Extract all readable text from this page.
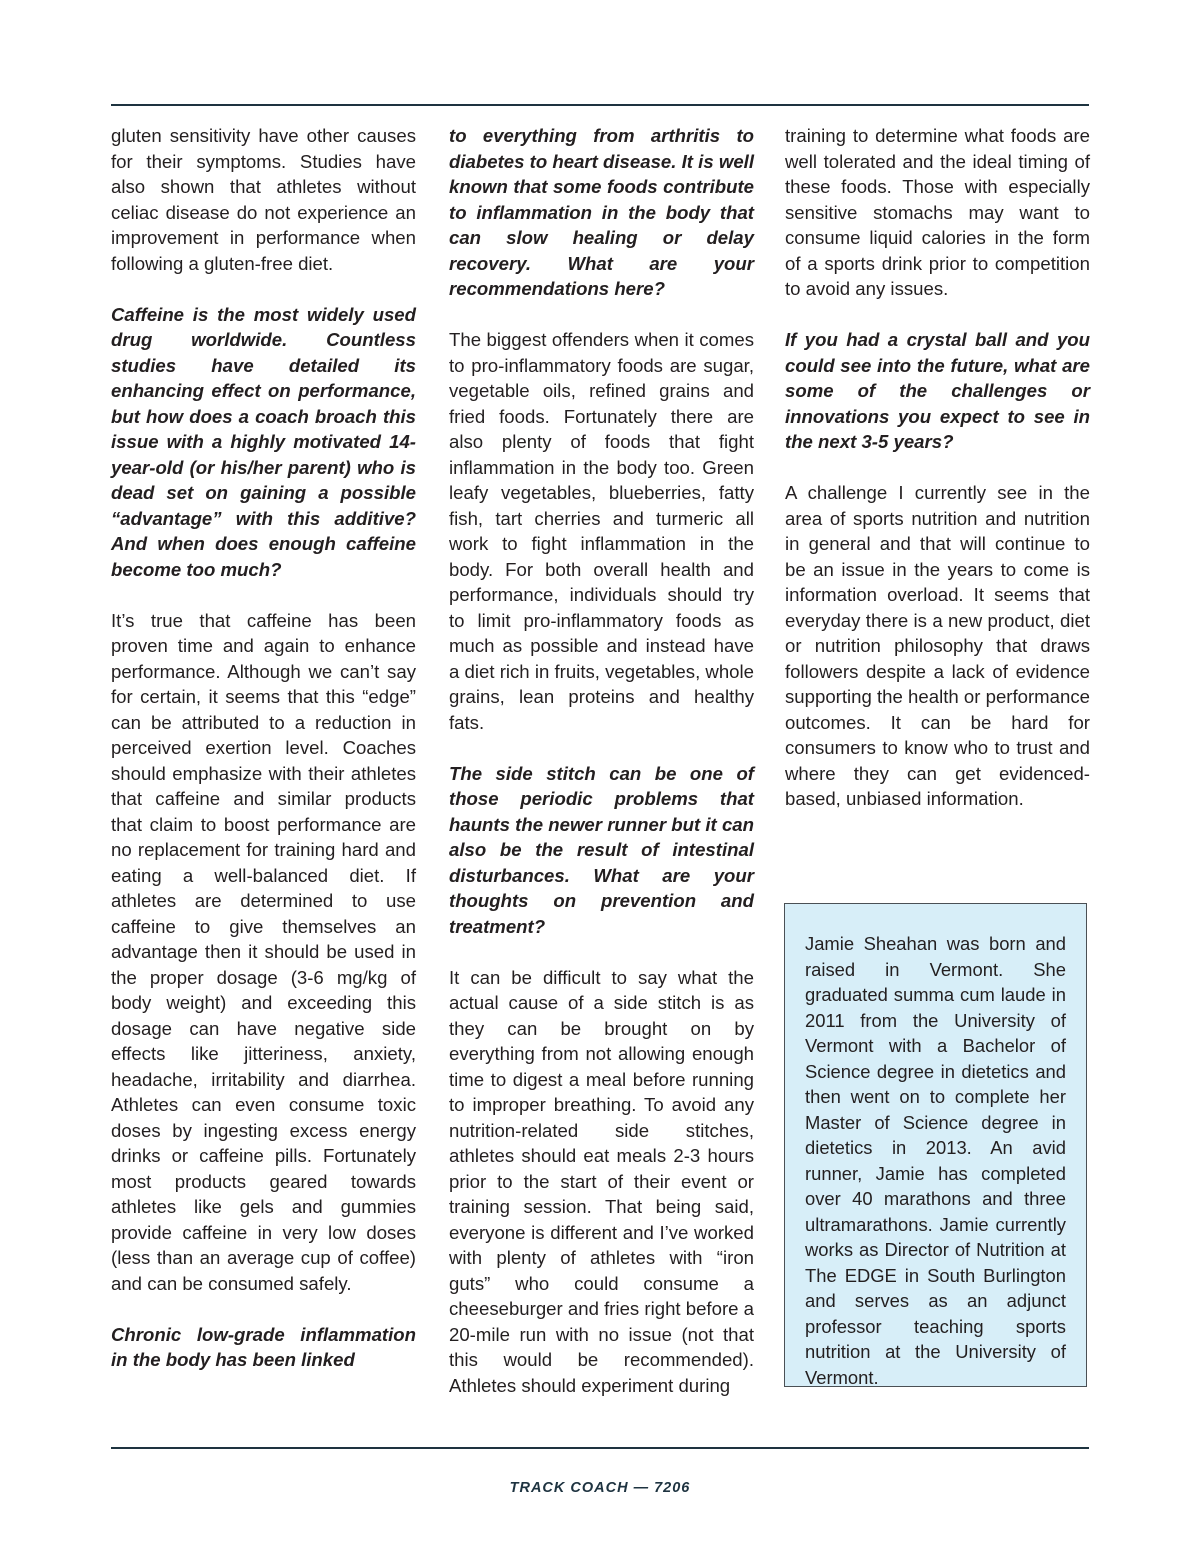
gluten sensitivity have other causes for their symptoms. Studies have also shown that athletes without celiac disease do not experience an improvement in performance when following a gluten-free diet.

Caffeine is the most widely used drug worldwide. Countless studies have detailed its enhancing effect on performance, but how does a coach broach this issue with a highly motivated 14-year-old (or his/her parent) who is dead set on gaining a possible “advantage” with this additive? And when does enough caffeine become too much?

It’s true that caffeine has been proven time and again to enhance performance. Although we can’t say for certain, it seems that this “edge” can be attributed to a reduction in perceived exertion level. Coaches should emphasize with their athletes that caffeine and similar products that claim to boost performance are no replacement for training hard and eating a well-balanced diet. If athletes are determined to use caffeine to give themselves an advantage then it should be used in the proper dosage (3-6 mg/kg of body weight) and exceeding this dosage can have negative side effects like jitteriness, anxiety, headache, irritability and diarrhea. Athletes can even consume toxic doses by ingesting excess energy drinks or caffeine pills. Fortunately most products geared towards athletes like gels and gummies provide caffeine in very low doses (less than an average cup of coffee) and can be consumed safely.

Chronic low-grade inflammation in the body has been linked

to everything from arthritis to diabetes to heart disease. It is well known that some foods contribute to inflammation in the body that can slow healing or delay recovery. What are your recommendations here?

The biggest offenders when it comes to pro-inflammatory foods are sugar, vegetable oils, refined grains and fried foods. Fortunately there are also plenty of foods that fight inflammation in the body too. Green leafy vegetables, blueberries, fatty fish, tart cherries and turmeric all work to fight inflammation in the body. For both overall health and performance, individuals should try to limit pro-inflammatory foods as much as possible and instead have a diet rich in fruits, vegetables, whole grains, lean proteins and healthy fats.

The side stitch can be one of those periodic problems that haunts the newer runner but it can also be the result of intestinal disturbances. What are your thoughts on prevention and treatment?

It can be difficult to say what the actual cause of a side stitch is as they can be brought on by everything from not allowing enough time to digest a meal before running to improper breathing. To avoid any nutrition-related side stitches, athletes should eat meals 2-3 hours prior to the start of their event or training session. That being said, everyone is different and I’ve worked with plenty of athletes with “iron guts” who could consume a cheeseburger and fries right before a 20-mile run with no issue (not that this would be recommended). Athletes should experiment during

training to determine what foods are well tolerated and the ideal timing of these foods. Those with especially sensitive stomachs may want to consume liquid calories in the form of a sports drink prior to competition to avoid any issues.

If you had a crystal ball and you could see into the future, what are some of the challenges or innovations you expect to see in the next 3-5 years?

A challenge I currently see in the area of sports nutrition and nutrition in general and that will continue to be an issue in the years to come is information overload. It seems that everyday there is a new product, diet or nutrition philosophy that draws followers despite a lack of evidence supporting the health or performance outcomes. It can be hard for consumers to know who to trust and where they can get evidenced-based, unbiased information.

Jamie Sheahan was born and raised in Vermont. She graduated summa cum laude in 2011 from the University of Vermont with a Bachelor of Science degree in dietetics and then went on to complete her Master of Science degree in dietetics in 2013. An avid runner, Jamie has completed over 40 marathons and three ultramarathons. Jamie currently works as Director of Nutrition at The EDGE in South Burlington and serves as an adjunct professor teaching sports nutrition at the University of Vermont.
TRACK COACH — 7206
